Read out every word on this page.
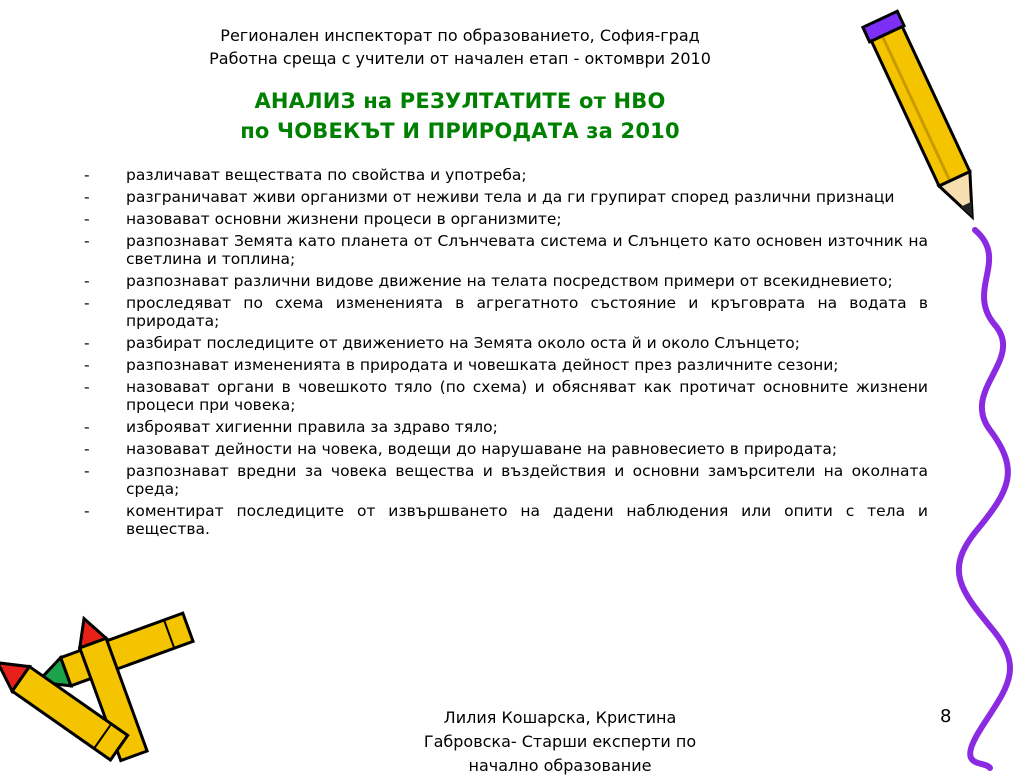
Регионален инспекторат по образованието, София-град
Работна среща с учители от начален етап - октомври 2010
АНАЛИЗ на РЕЗУЛТАТИТЕ от НВО
по ЧОВЕКЪТ И ПРИРОДАТА за 2010
- различават веществата по свойства и употреба;
- разграничават живи организми от неживи тела и да ги групират според различни признаци
- назовават основни жизнени процеси в организмите;
- разпознават Земята като планета от Слънчевата система и Слънцето като основен източник на светлина и топлина;
- разпознават различни видове движение на телата посредством примери от всекидневието;
- проследяват по схема измененията в агрегатното състояние и кръговрата на водата в природата;
- разбират последиците от движението на Земята около оста й и около Слънцето;
- разпознават измененията в природата и човешката дейност през различните сезони;
- назовават органи в човешкото тяло (по схема) и обясняват как протичат основните жизнени процеси при човека;
- изброяват хигиенни правила за здраво тяло;
- назовават дейности на човека, водещи до нарушаване на равновесието в природата;
- разпознават вредни за човека вещества и въздействия и основни замърсители на околната среда;
- коментират последиците от извършването на дадени наблюдения или опити с тела и вещества.
Лилия Кошарска, Кристина
Габровска- Старши експерти по
начално образование
8
